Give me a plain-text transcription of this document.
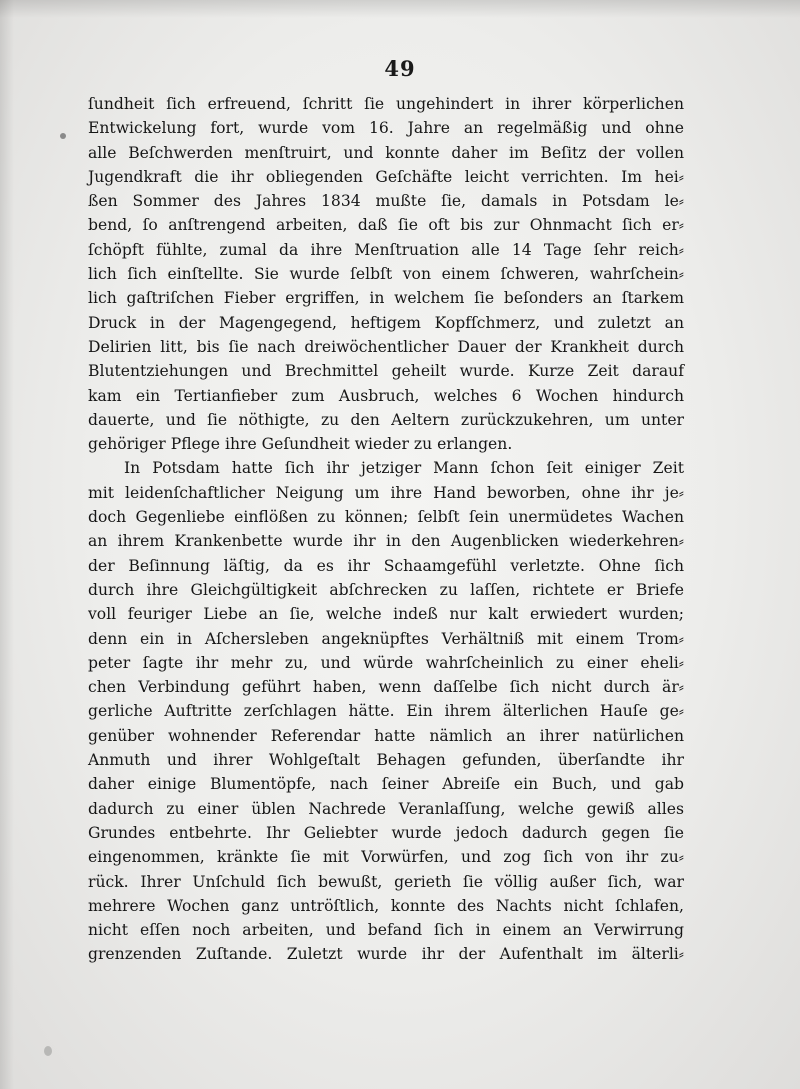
49
ſundheit ſich erfreuend, ſchritt ſie ungehindert in ihrer körperlichen
Entwickelung fort, wurde vom 16. Jahre an regelmäßig und ohne
alle Beſchwerden menſtruirt, und konnte daher im Beſitz der vollen
Jugendkraft die ihr obliegenden Geſchäfte leicht verrichten. Im hei⸗
ßen Sommer des Jahres 1834 mußte ſie, damals in Potsdam le⸗
bend, ſo anſtrengend arbeiten, daß ſie oft bis zur Ohnmacht ſich er⸗
ſchöpft fühlte, zumal da ihre Menſtruation alle 14 Tage ſehr reich⸗
lich ſich einſtellte. Sie wurde ſelbſt von einem ſchweren, wahrſchein⸗
lich gaſtriſchen Fieber ergriffen, in welchem ſie beſonders an ſtarkem
Druck in der Magengegend, heftigem Kopfſchmerz, und zuletzt an
Delirien litt, bis ſie nach dreiwöchentlicher Dauer der Krankheit durch
Blutentziehungen und Brechmittel geheilt wurde. Kurze Zeit darauf
kam ein Tertianfieber zum Ausbruch, welches 6 Wochen hindurch
dauerte, und ſie nöthigte, zu den Aeltern zurückzukehren, um unter
gehöriger Pflege ihre Geſundheit wieder zu erlangen.
In Potsdam hatte ſich ihr jetziger Mann ſchon ſeit einiger Zeit
mit leidenſchaftlicher Neigung um ihre Hand beworben, ohne ihr je⸗
doch Gegenliebe einflößen zu können; ſelbſt ſein unermüdetes Wachen
an ihrem Krankenbette wurde ihr in den Augenblicken wiederkehren⸗
der Beſinnung läſtig, da es ihr Schaamgefühl verletzte. Ohne ſich
durch ihre Gleichgültigkeit abſchrecken zu laſſen, richtete er Briefe
voll feuriger Liebe an ſie, welche indeß nur kalt erwiedert wurden;
denn ein in Aſchersleben angeknüpftes Verhältniß mit einem Trom⸗
peter ſagte ihr mehr zu, und würde wahrſcheinlich zu einer eheli⸗
chen Verbindung geführt haben, wenn daſſelbe ſich nicht durch är⸗
gerliche Auftritte zerſchlagen hätte. Ein ihrem älterlichen Hauſe ge⸗
genüber wohnender Referendar hatte nämlich an ihrer natürlichen
Anmuth und ihrer Wohlgeſtalt Behagen gefunden, überſandte ihr
daher einige Blumentöpfe, nach ſeiner Abreiſe ein Buch, und gab
dadurch zu einer üblen Nachrede Veranlaſſung, welche gewiß alles
Grundes entbehrte. Ihr Geliebter wurde jedoch dadurch gegen ſie
eingenommen, kränkte ſie mit Vorwürfen, und zog ſich von ihr zu⸗
rück. Ihrer Unſchuld ſich bewußt, gerieth ſie völlig außer ſich, war
mehrere Wochen ganz untröſtlich, konnte des Nachts nicht ſchlafen,
nicht eſſen noch arbeiten, und befand ſich in einem an Verwirrung
grenzenden Zuſtande. Zuletzt wurde ihr der Aufenthalt im älterli⸗
